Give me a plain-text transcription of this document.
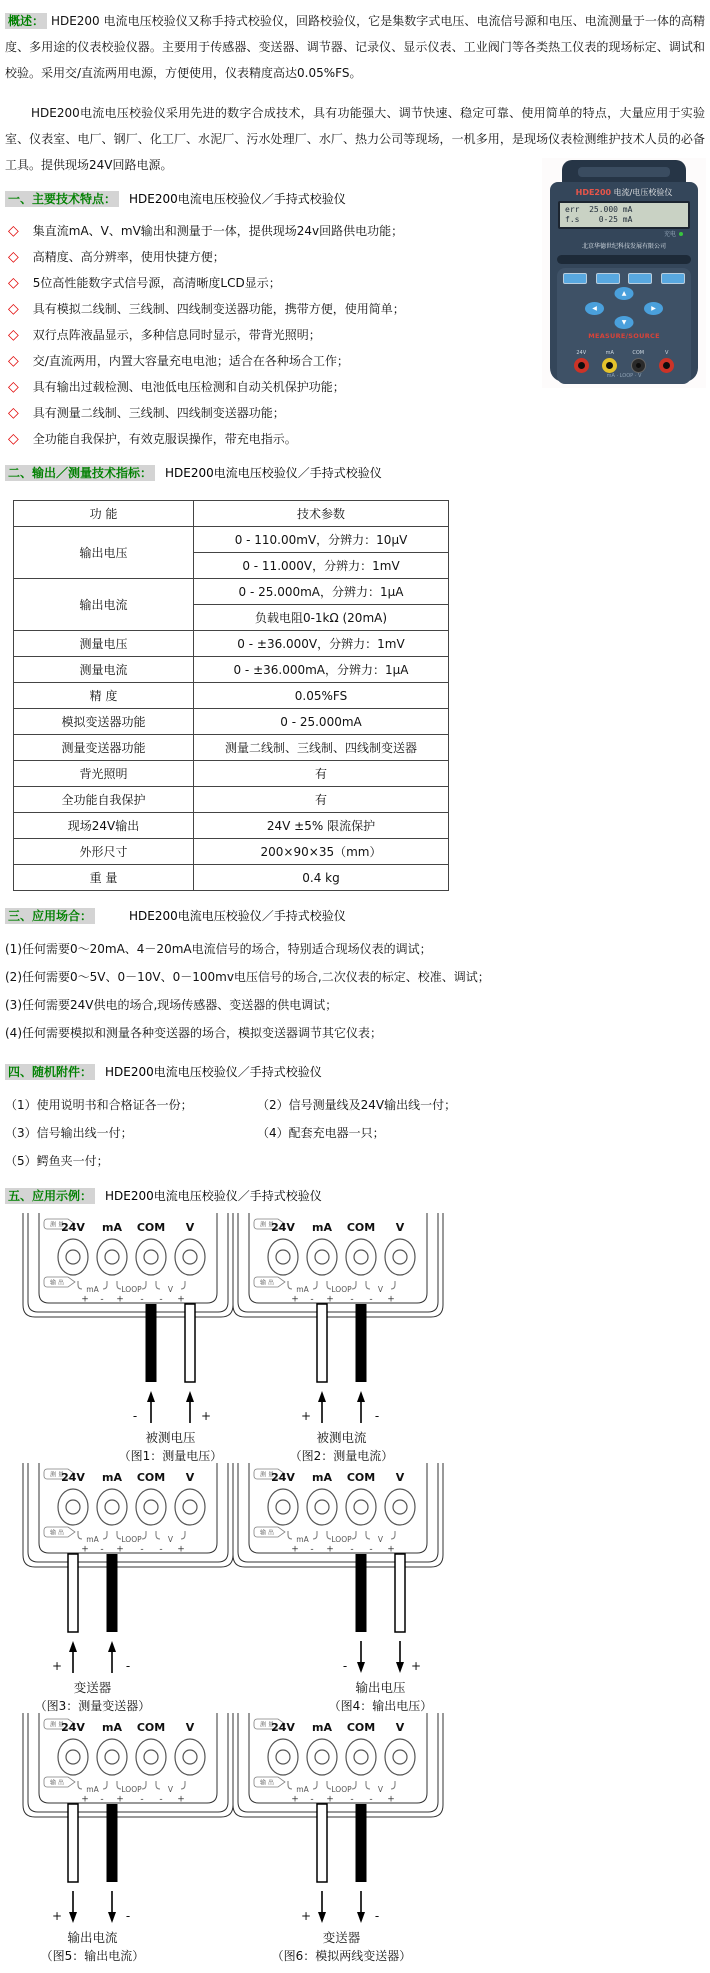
概述： HDE200 电流电压校验仪又称手持式校验仪，回路校验仪，它是集数字式电压、电流信号源和电压、电流测量于一体的高精度、多用途的仪表校验仪器。主要用于传感器、变送器、调节器、记录仪、显示仪表、工业阀门等各类热工仪表的现场标定、调试和校验。采用交/直流两用电源，方便使用，仪表精度高达0.05%FS。

HDE200电流电压校验仪采用先进的数字合成技术，具有功能强大、调节快速、稳定可靠、使用简单的特点，大量应用于实验室、仪表室、电厂、钢厂、化工厂、水泥厂、污水处理厂、水厂、热力公司等现场，一机多用，是现场仪表检测维护技术人员的必备工具。提供现场24V回路电源。

HDE200 电流/电压校验仪
err  25.000 mA
f.s    0-25 mA
充电
北京华德世纪科技发展有限公司
▲
◀	▶
▼
MEASURE/SOURCE
24V	mA	COM	V
mA · LOOP · V
一、主要技术特点： HDE200电流电压校验仪／手持式校验仪
◇ 集直流mA、V、mV输出和测量于一体，提供现场24v回路供电功能；
◇ 高精度、高分辨率，使用快捷方便；
◇ 5位高性能数字式信号源，高清晰度LCD显示；
◇ 具有模拟二线制、三线制、四线制变送器功能，携带方便，使用简单；
◇ 双行点阵液晶显示，多种信息同时显示，带背光照明；
◇ 交/直流两用，内置大容量充电电池；适合在各种场合工作；
◇ 具有输出过载检测、电池低电压检测和自动关机保护功能；
◇ 具有测量二线制、三线制、四线制变送器功能；
◇ 全功能自我保护，有效克服误操作，带充电指示。
二、输出／测量技术指标： HDE200电流电压校验仪／手持式校验仪
功 能	技术参数
输出电压	0 - 110.00mV，分辨力：10μV
	0 - 11.000V，分辨力：1mV
输出电流	0 - 25.000mA，分辨力：1μA
	负载电阻0-1kΩ (20mA)
测量电压	0 - ±36.000V，分辨力：1mV
测量电流	0 - ±36.000mA，分辨力：1μA
精 度	0.05%FS
模拟变送器功能	0 - 25.000mA
测量变送器功能	测量二线制、三线制、四线制变送器
背光照明	有
全功能自我保护	有
现场24V输出	24V ±5% 限流保护
外形尺寸	200×90×35（mm）
重 量	0.4 kg
三、应用场合：	HDE200电流电压校验仪／手持式校验仪
(1)任何需要0～20mA、4－20mA电流信号的场合，特别适合现场仪表的调试；
(2)任何需要0～5V、0－10V、0－100mv电压信号的场合,二次仪表的标定、校准、调试；
(3)任何需要24V供电的场合,现场传感器、变送器的供电调试；
(4)任何需要模拟和测量各种变送器的场合，模拟变送器调节其它仪表；
四、随机附件： HDE200电流电压校验仪／手持式校验仪
（1）使用说明书和合格证各一份；	（2）信号测量线及24V输出线一付；
（3）信号输出线一付；	（4）配套充电器一只；
（5）鳄鱼夹一付；
五、应用示例： HDE200电流电压校验仪／手持式校验仪
测 量
输 出
24V mA COM V
mA	LOOP	V
+ - + - - +
-	+
被测电压
（图1：测量电压）
测 量
输 出
24V mA COM V
mA	LOOP	V
+ - + - - +
+	-
被测电流
（图2：测量电流）
测 量
输 出
24V mA COM V
mA	LOOP	V
+ - + - - +
+	-
变送器
（图3：测量变送器）
测 量
输 出
24V mA COM V
mA	LOOP	V
+ - + - - +
-	+
输出电压
（图4：输出电压）
测 量
输 出
24V mA COM V
mA	LOOP	V
+ - + - - +
+	-
输出电流
（图5：输出电流）
测 量
输 出
24V mA COM V
mA	LOOP	V
+ - + - - +
+	-
变送器
（图6：模拟两线变送器）
